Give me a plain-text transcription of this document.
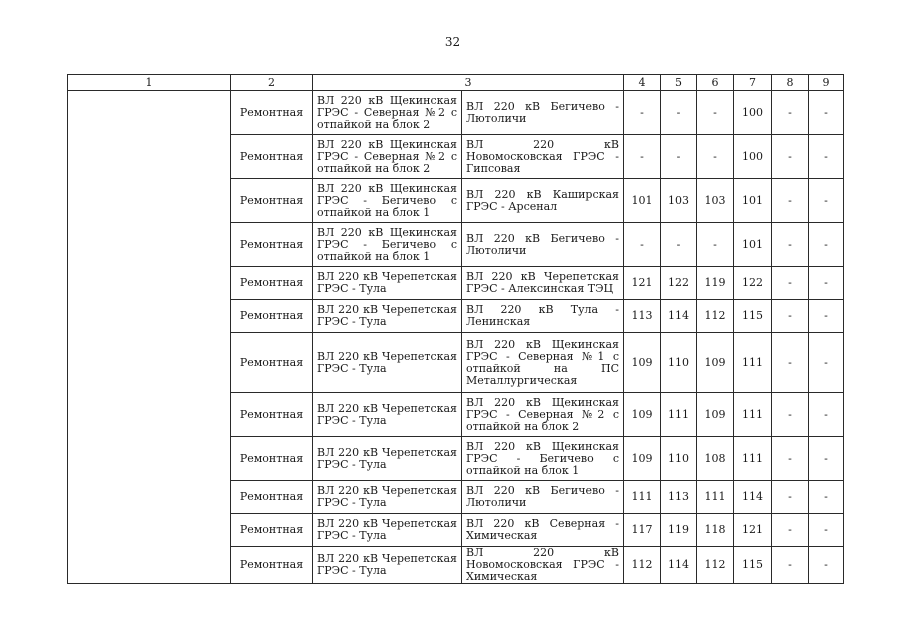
32
1	2	3		4	5	6	7	8	9
	Ремонтная	ВЛ 220 кВ Щекинская ГРЭС - Северная №2 с отпайкой на блок 2	ВЛ 220 кВ Бегичево - Лютоличи	-	-	-	100	-	-
	Ремонтная	ВЛ 220 кВ Щекинская ГРЭС - Северная №2 с отпайкой на блок 2	ВЛ 220 кВ Новомосковская ГРЭС - Гипсовая	-	-	-	100	-	-
	Ремонтная	ВЛ 220 кВ Щекинская ГРЭС - Бегичево с отпайкой на блок 1	ВЛ 220 кВ Каширская ГРЭС - Арсенал	101	103	103	101	-	-
	Ремонтная	ВЛ 220 кВ Щекинская ГРЭС - Бегичево с отпайкой на блок 1	ВЛ 220 кВ Бегичево - Лютоличи	-	-	-	101	-	-
	Ремонтная	ВЛ 220 кВ Черепетская ГРЭС - Тула	ВЛ 220 кВ Черепетская ГРЭС - Алексинская ТЭЦ	121	122	119	122	-	-
	Ремонтная	ВЛ 220 кВ Черепетская ГРЭС - Тула	ВЛ 220 кВ Тула - Ленинская	113	114	112	115	-	-
	Ремонтная	ВЛ 220 кВ Черепетская ГРЭС - Тула	ВЛ 220 кВ Щекинская ГРЭС - Северная №1 с отпайкой на ПС Металлургическая	109	110	109	111	-	-
	Ремонтная	ВЛ 220 кВ Черепетская ГРЭС - Тула	ВЛ 220 кВ Щекинская ГРЭС - Северная №2 с отпайкой на блок 2	109	111	109	111	-	-
	Ремонтная	ВЛ 220 кВ Черепетская ГРЭС - Тула	ВЛ 220 кВ Щекинская ГРЭС - Бегичево с отпайкой на блок 1	109	110	108	111	-	-
	Ремонтная	ВЛ 220 кВ Черепетская ГРЭС - Тула	ВЛ 220 кВ Бегичево - Лютоличи	111	113	111	114	-	-
	Ремонтная	ВЛ 220 кВ Черепетская ГРЭС - Тула	ВЛ 220 кВ Северная - Химическая	117	119	118	121	-	-
	Ремонтная	ВЛ 220 кВ Черепетская ГРЭС - Тула	ВЛ 220 кВ Новомосковская ГРЭС - Химическая	112	114	112	115	-	-
